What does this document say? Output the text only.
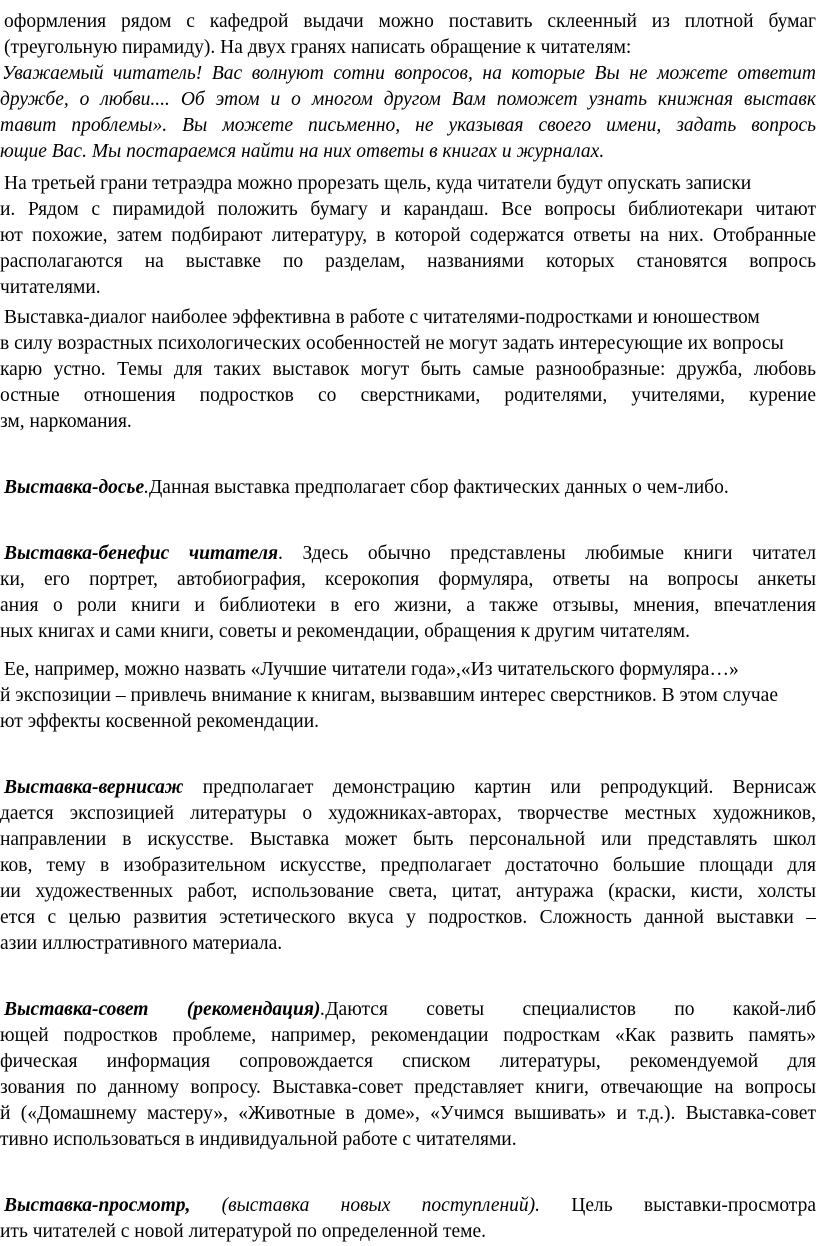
оформления рядом с кафедрой выдачи можно поставить склеенный из плотной бумаг
(треугольную пирамиду). На двух гранях написать обращение к читателям:
Уважаемый читатель! Вас волнуют сотни вопросов, на которые Вы не можете ответит
дружбе, о любви.... Об этом и о многом другом Вам поможет узнать книжная выставк
тавит проблемы». Вы можете письменно, не указывая своего имени, задать вопрось
ющие Вас. Мы постараемся найти на них ответы в книгах и журналах.
На третьей грани тетраэдра можно прорезать щель, куда читатели будут опускать записки
и. Рядом с пирамидой положить бумагу и карандаш. Все вопросы библиотекари читают
ют похожие, затем подбирают литературу, в которой содержатся ответы на них. Отобранные
располагаются на выставке по разделам, названиями которых становятся вопрось
читателями.
Выставка-диалог наиболее эффективна в работе с читателями-подростками и юношеством
в силу возрастных психологических особенностей не могут задать интересующие их вопросы
карю устно. Темы для таких выставок могут быть самые разнообразные: дружба, любовь
остные отношения подростков со сверстниками, родителями, учителями, курение
зм, наркомания.
Выставка-досье.Данная выставка предполагает сбор фактических данных о чем-либо.
Выставка-бенефис читателя. Здесь обычно представлены любимые книги читател
ки, его портрет, автобиография, ксерокопия формуляра, ответы на вопросы анкеты
ания о роли книги и библиотеки в его жизни, а также отзывы, мнения, впечатления
ных книгах и сами книги, советы и рекомендации, обращения к другим читателям.
Ее, например, можно назвать «Лучшие читатели года»,«Из читательского формуляра…»
й экспозиции – привлечь внимание к книгам, вызвавшим интерес сверстников. В этом случае
ют эффекты косвенной рекомендации.
Выставка-вернисаж предполагает демонстрацию картин или репродукций. Вернисаж
дается экспозицией литературы о художниках-авторах, творчестве местных художников,
направлении в искусстве. Выставка может быть персональной или представлять школ
ков, тему в изобразительном искусстве, предполагает достаточно большие площади для
ии художественных работ, использование света, цитат, антуража (краски, кисти, холсты
ется с целью развития эстетического вкуса у подростков. Сложность данной выставки –
азии иллюстративного материала.
Выставка-совет (рекомендация).Даются советы специалистов по какой-либ
ющей подростков проблеме, например, рекомендации подросткам «Как развить память»
фическая информация сопровождается списком литературы, рекомендуемой для
зования по данному вопросу. Выставка-совет представляет книги, отвечающие на вопросы
й («Домашнему мастеру», «Животные в доме», «Учимся вышивать» и т.д.). Выставка-совет
тивно использоваться в индивидуальной работе с читателями.
Выставка-просмотр, (выставка новых поступлений). Цель выставки-просмотра
ить читателей с новой литературой по определенной теме.
